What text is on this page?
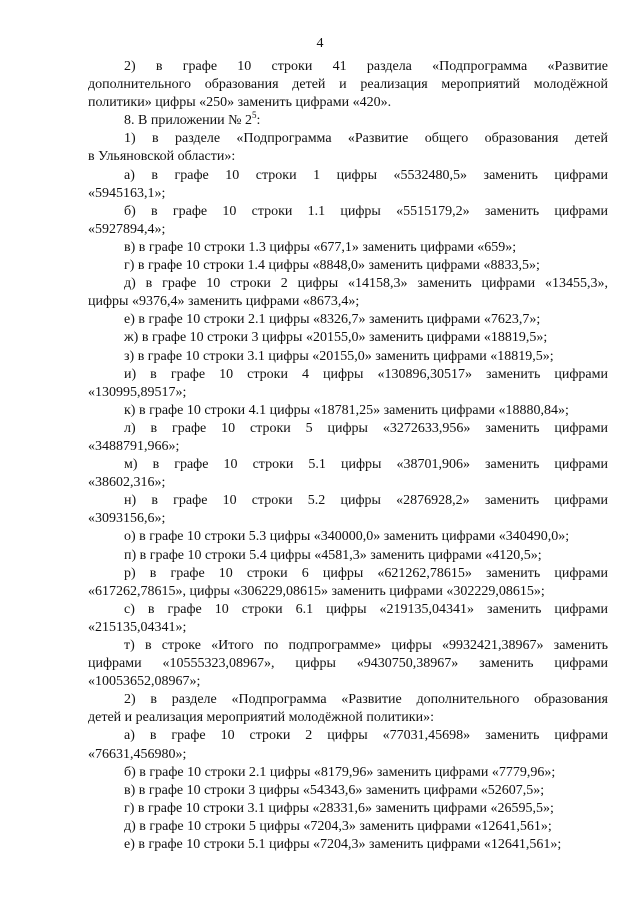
4
2) в графе 10 строки 41 раздела «Подпрограмма «Развитие
дополнительного образования детей и реализация мероприятий молодёжной
политики» цифры «250» заменить цифрами «420».
8. В приложении № $2^5$:
1) в разделе «Подпрограмма «Развитие общего образования детей
в Ульяновской области»:
а) в графе 10 строки 1 цифры «5532480,5» заменить цифрами
«5945163,1»;
б) в графе 10 строки 1.1 цифры «5515179,2» заменить цифрами
«5927894,4»;
в) в графе 10 строки 1.3 цифры «677,1» заменить цифрами «659»;
г) в графе 10 строки 1.4 цифры «8848,0» заменить цифрами «8833,5»;
д) в графе 10 строки 2 цифры «14158,3» заменить цифрами «13455,3»,
цифры «9376,4» заменить цифрами «8673,4»;
е) в графе 10 строки 2.1 цифры «8326,7» заменить цифрами «7623,7»;
ж) в графе 10 строки 3 цифры «20155,0» заменить цифрами «18819,5»;
з) в графе 10 строки 3.1 цифры «20155,0» заменить цифрами «18819,5»;
и) в графе 10 строки 4 цифры «130896,30517» заменить цифрами
«130995,89517»;
к) в графе 10 строки 4.1 цифры «18781,25» заменить цифрами «18880,84»;
л) в графе 10 строки 5 цифры «3272633,956» заменить цифрами
«3488791,966»;
м) в графе 10 строки 5.1 цифры «38701,906» заменить цифрами
«38602,316»;
н) в графе 10 строки 5.2 цифры «2876928,2» заменить цифрами
«3093156,6»;
о) в графе 10 строки 5.3 цифры «340000,0» заменить цифрами «340490,0»;
п) в графе 10 строки 5.4 цифры «4581,3» заменить цифрами «4120,5»;
р) в графе 10 строки 6 цифры «621262,78615» заменить цифрами
«617262,78615», цифры «306229,08615» заменить цифрами «302229,08615»;
с) в графе 10 строки 6.1 цифры «219135,04341» заменить цифрами
«215135,04341»;
т) в строке «Итого по подпрограмме» цифры «9932421,38967» заменить
цифрами «10555323,08967», цифры «9430750,38967» заменить цифрами
«10053652,08967»;
2) в разделе «Подпрограмма «Развитие дополнительного образования
детей и реализация мероприятий молодёжной политики»:
а) в графе 10 строки 2 цифры «77031,45698» заменить цифрами
«76631,456980»;
б) в графе 10 строки 2.1 цифры «8179,96» заменить цифрами «7779,96»;
в) в графе 10 строки 3 цифры «54343,6» заменить цифрами «52607,5»;
г) в графе 10 строки 3.1 цифры «28331,6» заменить цифрами «26595,5»;
д) в графе 10 строки 5 цифры «7204,3» заменить цифрами «12641,561»;
е) в графе 10 строки 5.1 цифры «7204,3» заменить цифрами «12641,561»;
